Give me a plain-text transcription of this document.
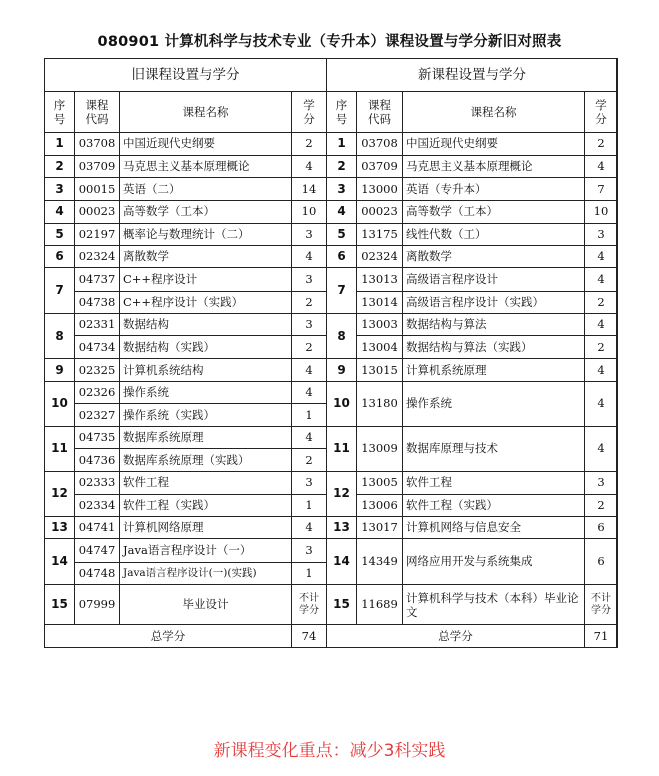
080901 计算机科学与技术专业（专升本）课程设置与学分新旧对照表
旧课程设置与学分			
序
号	课程
代码	课程名称	学
分
1	03708	中国近现代史纲要	2
2	03709	马克思主义基本原理概论	4
3	00015	英语（二）	14
4	00023	高等数学（工本）	10
5	02197	概率论与数理统计（二）	3
6	02324	离散数学	4
7	04737	C++程序设计	3
	04738	C++程序设计（实践）	2
8	02331	数据结构	3
	04734	数据结构（实践）	2
9	02325	计算机系统结构	4
10	02326	操作系统	4
	02327	操作系统（实践）	1
11	04735	数据库系统原理	4
	04736	数据库系统原理（实践）	2
12	02333	软件工程	3
	02334	软件工程（实践）	1
13	04741	计算机网络原理	4
14	04747	Java语言程序设计（一）	3
	04748	Java语言程序设计(一)(实践)	1
15	07999	毕业设计	不计
学分
总学分			74
新课程设置与学分			
序
号	课程
代码	课程名称	学
分
1	03708	中国近现代史纲要	2
2	03709	马克思主义基本原理概论	4
3	13000	英语（专升本）	7
4	00023	高等数学（工本）	10
5	13175	线性代数（工）	3
6	02324	离散数学	4
7	13013	高级语言程序设计	4
	13014	高级语言程序设计（实践）	2
8	13003	数据结构与算法	4
	13004	数据结构与算法（实践）	2
9	13015	计算机系统原理	4
10	13180	操作系统	4
11	13009	数据库原理与技术	4
12	13005	软件工程	3
	13006	软件工程（实践）	2
13	13017	计算机网络与信息安全	6
14	14349	网络应用开发与系统集成	6
15	11689	计算机科学与技术（本科）毕业论文	不计
学分
总学分			71
新课程变化重点：减少3科实践
